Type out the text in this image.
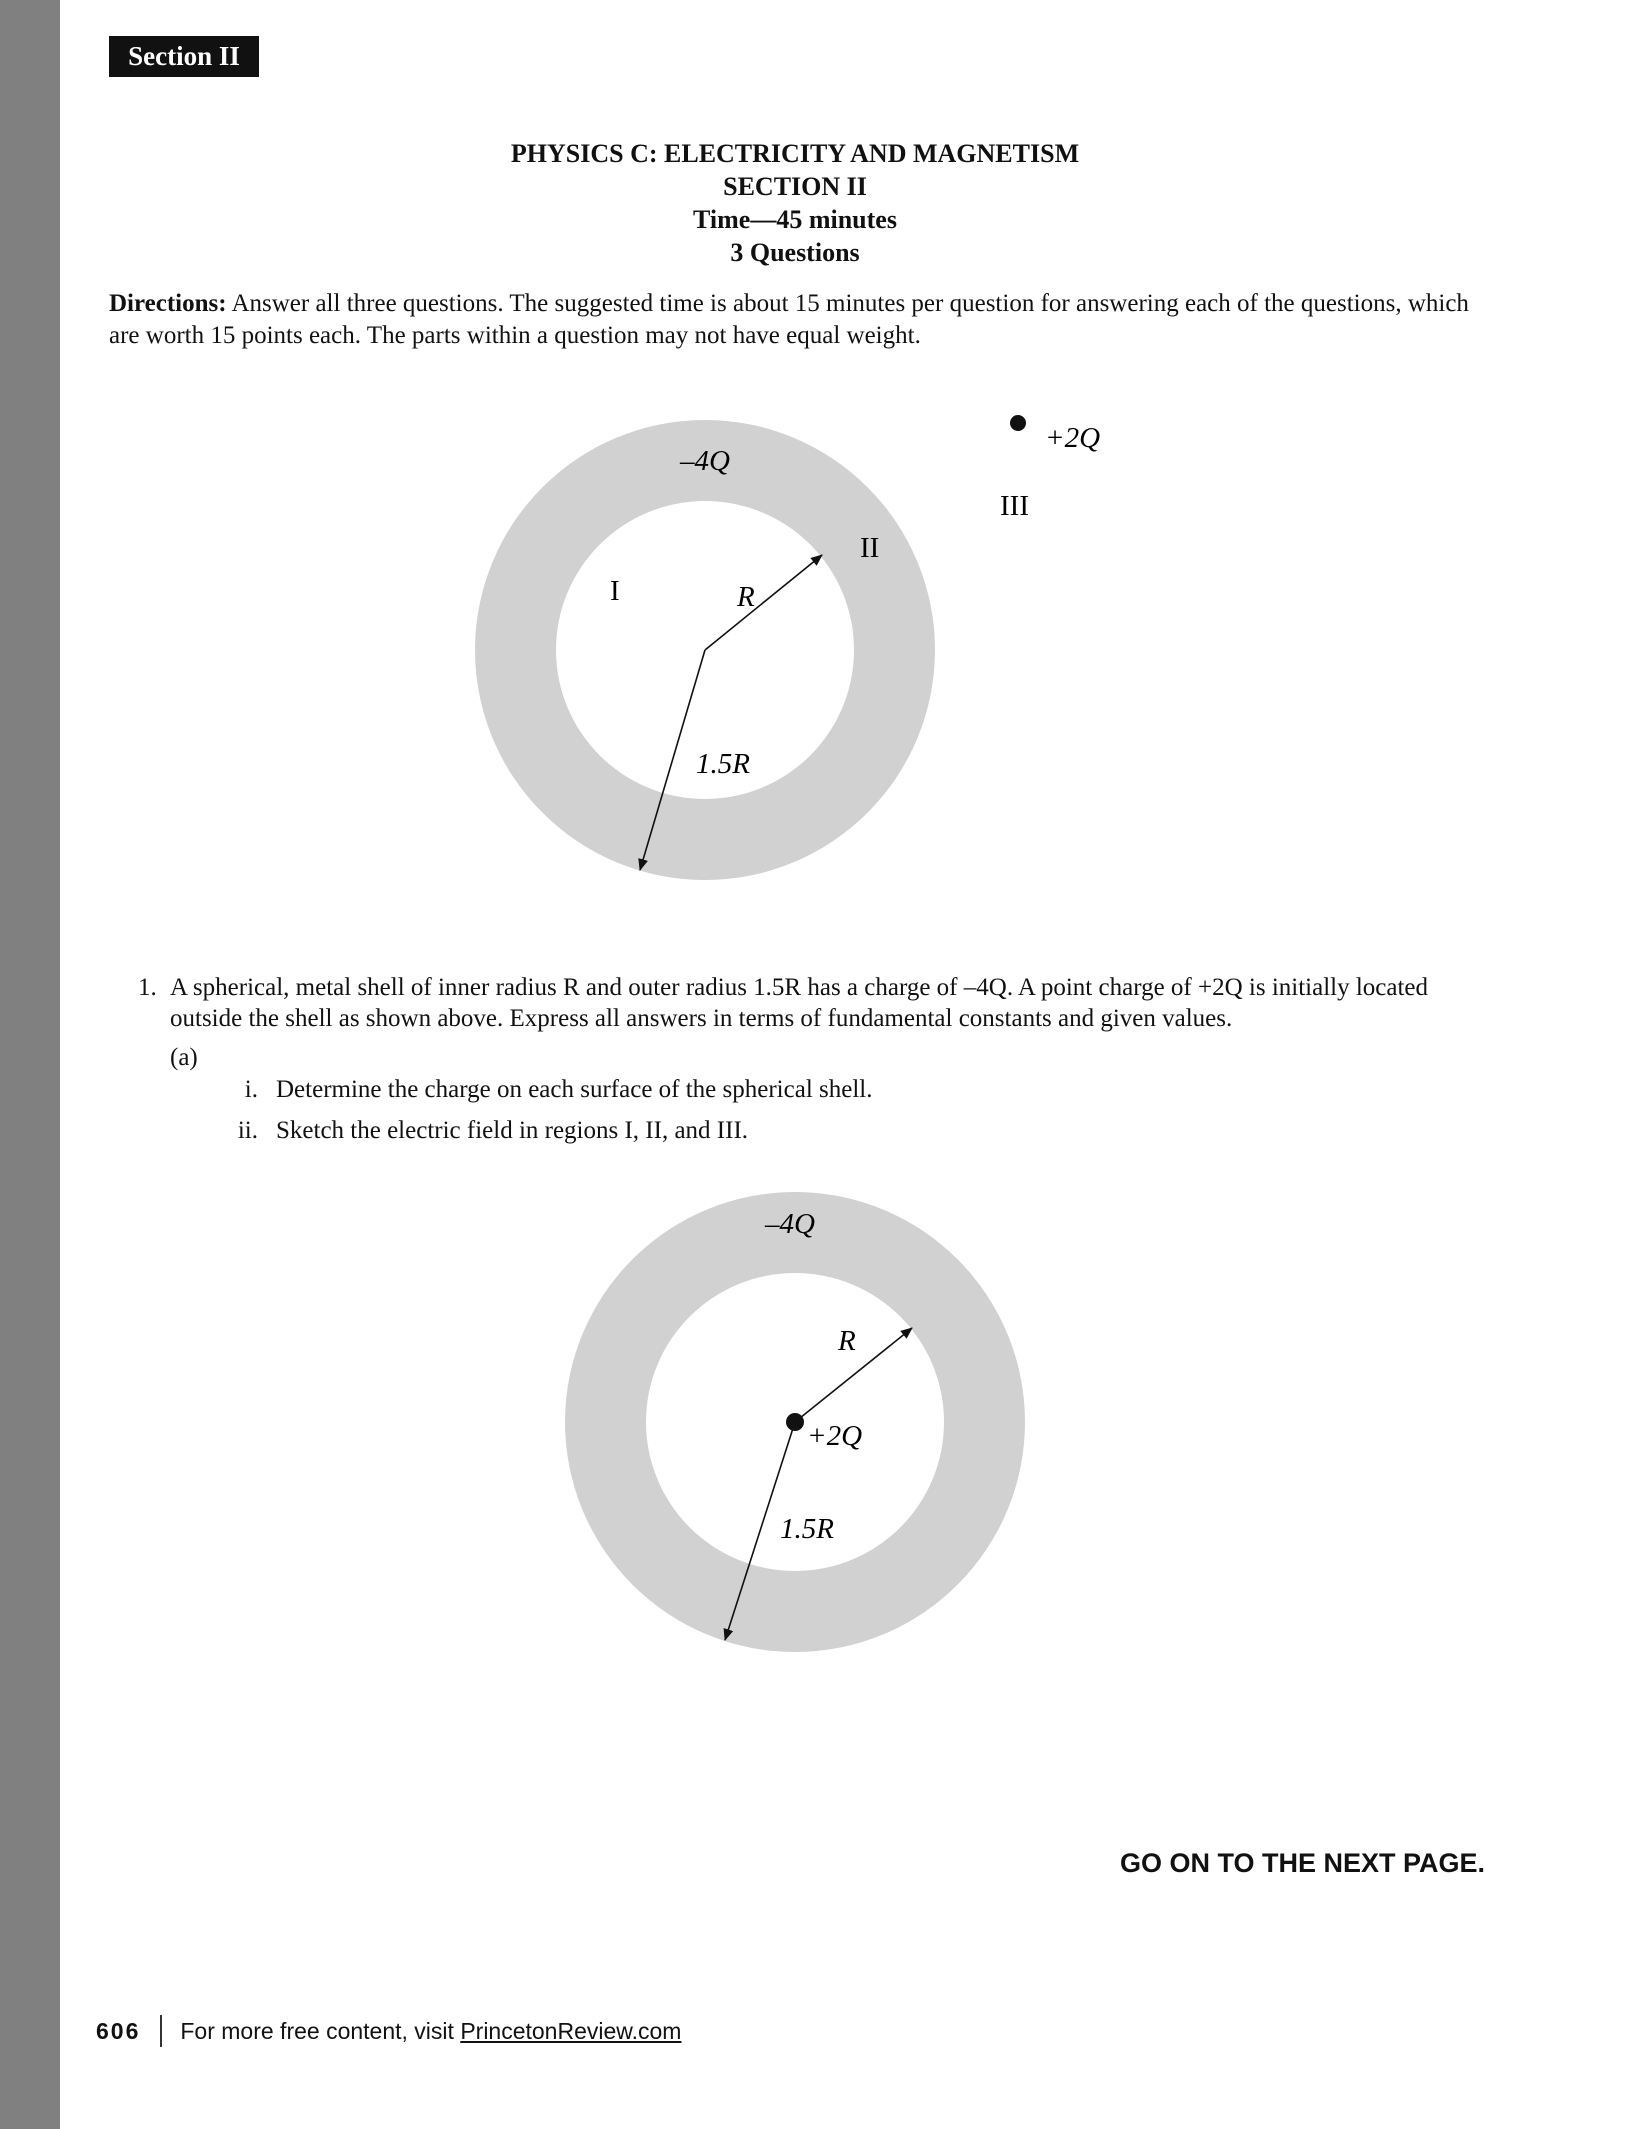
Section II
PHYSICS C: ELECTRICITY AND MAGNETISM
SECTION II
Time—45 minutes
3 Questions
Directions: Answer all three questions. The suggested time is about 15 minutes per question for answering each of the questions, which are worth 15 points each. The parts within a question may not have equal weight.
–4Q
+2Q
I
II
III
R
1.5R
1. A spherical, metal shell of inner radius R and outer radius 1.5R has a charge of –4Q. A point charge of +2Q is initially located outside the shell as shown above. Express all answers in terms of fundamental constants and given values.
(a)
i. Determine the charge on each surface of the spherical shell.
ii. Sketch the electric field in regions I, II, and III.
–4Q
+2Q
R
1.5R
GO ON TO THE NEXT PAGE.
606 For more free content, visit
PrincetonReview.com
